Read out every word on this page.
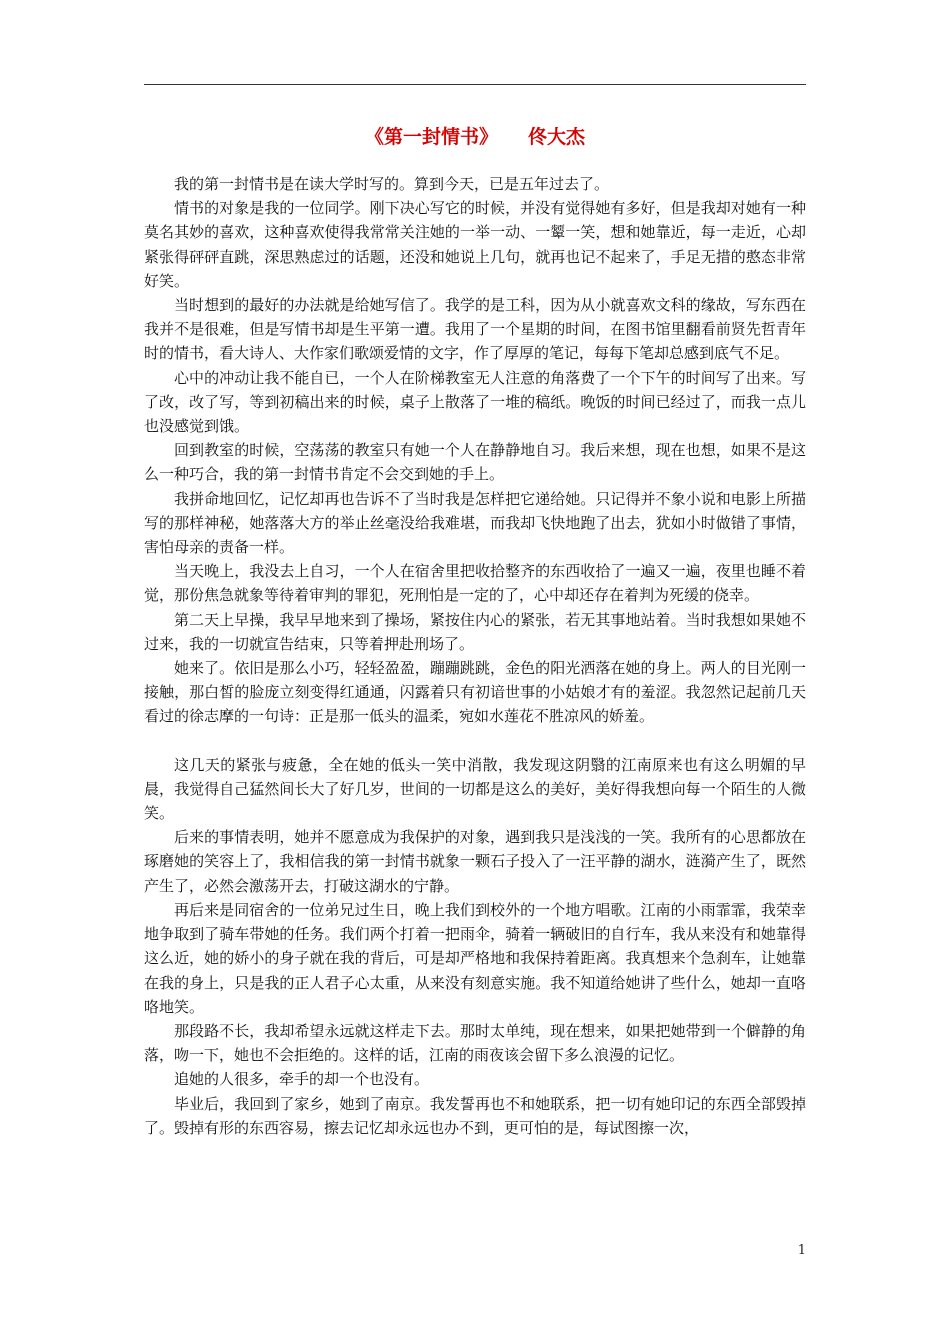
《第一封情书》 佟大杰

我的第一封情书是在读大学时写的。算到今天，已是五年过去了。

情书的对象是我的一位同学。刚下决心写它的时候，并没有觉得她有多好，但是我却对她有一种莫名其妙的喜欢，这种喜欢使得我常常关注她的一举一动、一颦一笑，想和她靠近，每一走近，心却紧张得砰砰直跳，深思熟虑过的话题，还没和她说上几句，就再也记不起来了，手足无措的憨态非常好笑。

当时想到的最好的办法就是给她写信了。我学的是工科，因为从小就喜欢文科的缘故，写东西在我并不是很难，但是写情书却是生平第一遭。我用了一个星期的时间，在图书馆里翻看前贤先哲青年时的情书，看大诗人、大作家们歌颂爱情的文字，作了厚厚的笔记，每每下笔却总感到底气不足。

心中的冲动让我不能自已，一个人在阶梯教室无人注意的角落费了一个下午的时间写了出来。写了改，改了写，等到初稿出来的时候，桌子上散落了一堆的稿纸。晚饭的时间已经过了，而我一点儿也没感觉到饿。

回到教室的时候，空荡荡的教室只有她一个人在静静地自习。我后来想，现在也想，如果不是这么一种巧合，我的第一封情书肯定不会交到她的手上。

我拼命地回忆，记忆却再也告诉不了当时我是怎样把它递给她。只记得并不象小说和电影上所描写的那样神秘，她落落大方的举止丝毫没给我难堪，而我却飞快地跑了出去，犹如小时做错了事情，害怕母亲的责备一样。

当天晚上，我没去上自习，一个人在宿舍里把收拾整齐的东西收拾了一遍又一遍，夜里也睡不着觉，那份焦急就象等待着审判的罪犯，死刑怕是一定的了，心中却还存在着判为死缓的侥幸。

第二天上早操，我早早地来到了操场，紧按住内心的紧张，若无其事地站着。当时我想如果她不过来，我的一切就宣告结束，只等着押赴刑场了。

她来了。依旧是那么小巧，轻轻盈盈，蹦蹦跳跳，金色的阳光洒落在她的身上。两人的目光刚一接触，那白皙的脸庞立刻变得红通通，闪露着只有初谙世事的小姑娘才有的羞涩。我忽然记起前几天看过的徐志摩的一句诗：正是那一低头的温柔，宛如水莲花不胜凉风的娇羞。

这几天的紧张与疲惫，全在她的低头一笑中消散，我发现这阴翳的江南原来也有这么明媚的早晨，我觉得自己猛然间长大了好几岁，世间的一切都是这么的美好，美好得我想向每一个陌生的人微笑。

后来的事情表明，她并不愿意成为我保护的对象，遇到我只是浅浅的一笑。我所有的心思都放在琢磨她的笑容上了，我相信我的第一封情书就象一颗石子投入了一汪平静的湖水，涟漪产生了，既然产生了，必然会激荡开去，打破这湖水的宁静。

再后来是同宿舍的一位弟兄过生日，晚上我们到校外的一个地方唱歌。江南的小雨霏霏，我荣幸地争取到了骑车带她的任务。我们两个打着一把雨伞，骑着一辆破旧的自行车，我从来没有和她靠得这么近，她的娇小的身子就在我的背后，可是却严格地和我保持着距离。我真想来个急刹车，让她靠在我的身上，只是我的正人君子心太重，从来没有刻意实施。我不知道给她讲了些什么，她却一直咯咯地笑。

那段路不长，我却希望永远就这样走下去。那时太单纯，现在想来，如果把她带到一个僻静的角落，吻一下，她也不会拒绝的。这样的话，江南的雨夜该会留下多么浪漫的记忆。

追她的人很多，牵手的却一个也没有。

毕业后，我回到了家乡，她到了南京。我发誓再也不和她联系，把一切有她印记的东西全部毁掉了。毁掉有形的东西容易，擦去记忆却永远也办不到，更可怕的是，每试图擦一次，

1
